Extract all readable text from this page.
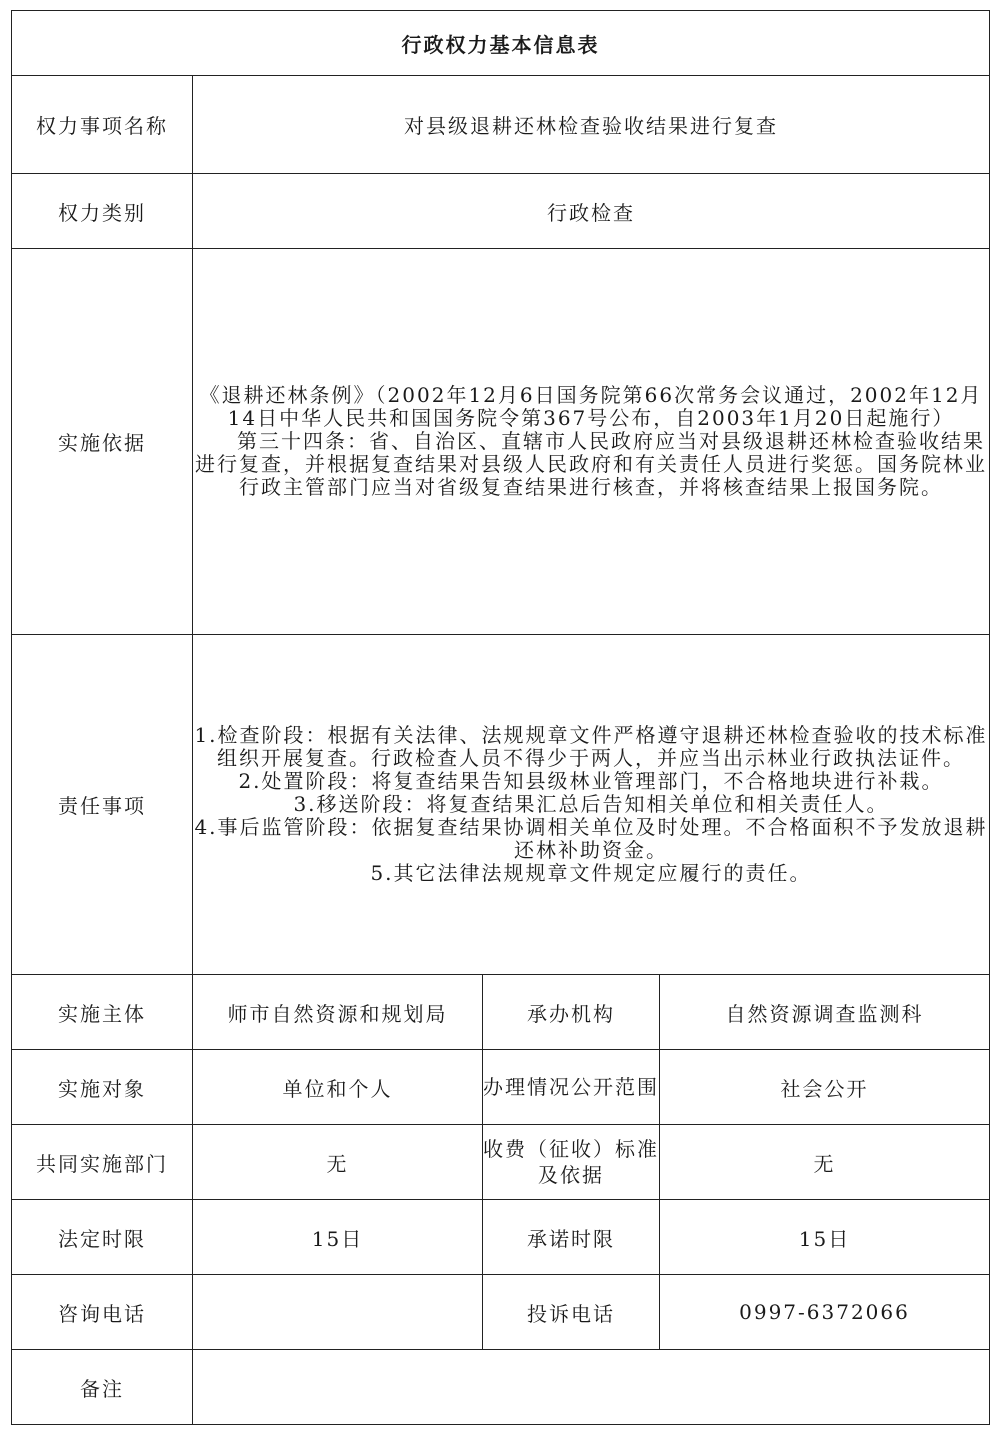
行政权力基本信息表			
权力事项名称	对县级退耕还林检查验收结果进行复查		
权力类别	行政检查		
实施依据	《退耕还林条例》（2002年12月6日国务院第66次常务会议通过，2002年12月14日中华人民共和国国务院令第367号公布，自2003年1月20日起施行）
第三十四条：省、自治区、直辖市人民政府应当对县级退耕还林检查验收结果进行复查，并根据复查结果对县级人民政府和有关责任人员进行奖惩。国务院林业行政主管部门应当对省级复查结果进行核查，并将核查结果上报国务院。		

责任事项	1.检查阶段：根据有关法律、法规规章文件严格遵守退耕还林检查验收的技术标准组织开展复查。行政检查人员不得少于两人，并应当出示林业行政执法证件。
2.处置阶段：将复查结果告知县级林业管理部门，不合格地块进行补栽。
3.移送阶段：将复查结果汇总后告知相关单位和相关责任人。
4.事后监管阶段：依据复查结果协调相关单位及时处理。不合格面积不予发放退耕还林补助资金。
5.其它法律法规规章文件规定应履行的责任。		

实施主体	师市自然资源和规划局	承办机构	自然资源调查监测科
实施对象	单位和个人	办理情况公开范围	社会公开
共同实施部门	无	收费（征收）标准及依据	无
法定时限	15日	承诺时限	15日
咨询电话		投诉电话	0997-6372066
备注			
